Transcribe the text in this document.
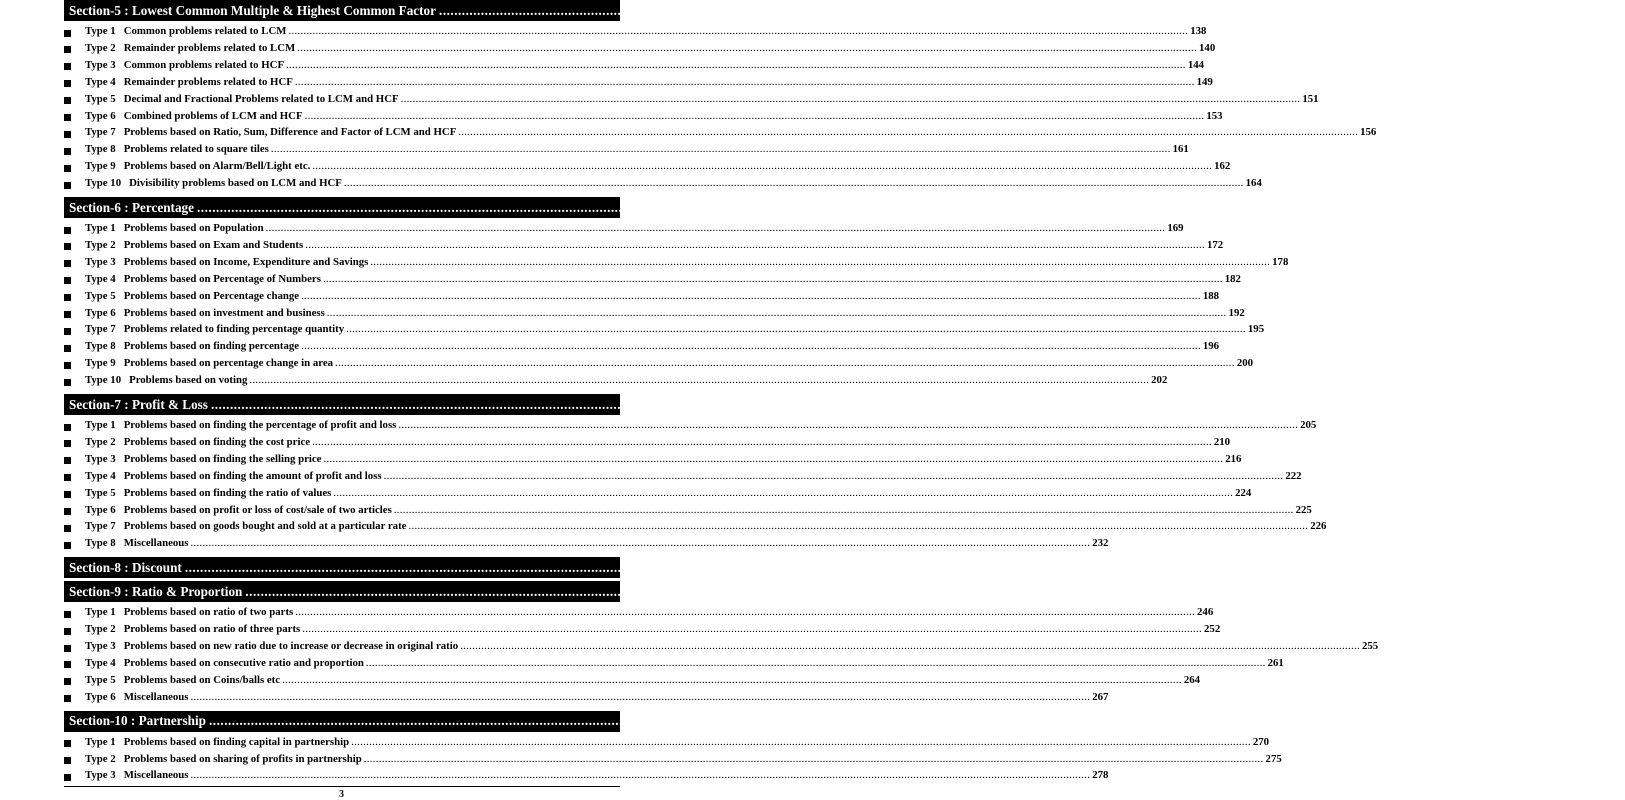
Section-5 : Lowest Common Multiple & Highest Common Factor ............................................................................................................................................................................................................................................................................................................ 138-168
Type 1 Common problems related to LCM ............................................................................................................................................................................................................................................................................................................ 138
Type 2 Remainder problems related to LCM ............................................................................................................................................................................................................................................................................................................ 140
Type 3 Common problems related to HCF ............................................................................................................................................................................................................................................................................................................ 144
Type 4 Remainder problems related to HCF ............................................................................................................................................................................................................................................................................................................ 149
Type 5 Decimal and Fractional Problems related to LCM and HCF ............................................................................................................................................................................................................................................................................................................ 151
Type 6 Combined problems of LCM and HCF ............................................................................................................................................................................................................................................................................................................ 153
Type 7 Problems based on Ratio, Sum, Difference and Factor of LCM and HCF ............................................................................................................................................................................................................................................................................................................ 156
Type 8 Problems related to square tiles ............................................................................................................................................................................................................................................................................................................ 161
Type 9 Problems based on Alarm/Bell/Light etc. ............................................................................................................................................................................................................................................................................................................ 162
Type 10 Divisibility problems based on LCM and HCF ............................................................................................................................................................................................................................................................................................................ 164
Section-6 : Percentage ............................................................................................................................................................................................................................................................................................................ 169-204
Type 1 Problems based on Population ............................................................................................................................................................................................................................................................................................................ 169
Type 2 Problems based on Exam and Students ............................................................................................................................................................................................................................................................................................................ 172
Type 3 Problems based on Income, Expenditure and Savings ............................................................................................................................................................................................................................................................................................................ 178
Type 4 Problems based on Percentage of Numbers ............................................................................................................................................................................................................................................................................................................ 182
Type 5 Problems based on Percentage change ............................................................................................................................................................................................................................................................................................................ 188
Type 6 Problems based on investment and business ............................................................................................................................................................................................................................................................................................................ 192
Type 7 Problems related to finding percentage quantity ............................................................................................................................................................................................................................................................................................................ 195
Type 8 Problems based on finding percentage ............................................................................................................................................................................................................................................................................................................ 196
Type 9 Problems based on percentage change in area ............................................................................................................................................................................................................................................................................................................ 200
Type 10 Problems based on voting ............................................................................................................................................................................................................................................................................................................ 202
Section-7 : Profit & Loss ............................................................................................................................................................................................................................................................................................................ 205-233
Type 1 Problems based on finding the percentage of profit and loss ............................................................................................................................................................................................................................................................................................................ 205
Type 2 Problems based on finding the cost price ............................................................................................................................................................................................................................................................................................................ 210
Type 3 Problems based on finding the selling price ............................................................................................................................................................................................................................................................................................................ 216
Type 4 Problems based on finding the amount of profit and loss ............................................................................................................................................................................................................................................................................................................ 222
Type 5 Problems based on finding the ratio of values ............................................................................................................................................................................................................................................................................................................ 224
Type 6 Problems based on profit or loss of cost/sale of two articles ............................................................................................................................................................................................................................................................................................................ 225
Type 7 Problems based on goods bought and sold at a particular rate ............................................................................................................................................................................................................................................................................................................ 226
Type 8 Miscellaneous ............................................................................................................................................................................................................................................................................................................ 232
Section-8 : Discount ............................................................................................................................................................................................................................................................................................................ 234-245
Section-9 : Ratio & Proportion ............................................................................................................................................................................................................................................................................................................ 246-269
Type 1 Problems based on ratio of two parts ............................................................................................................................................................................................................................................................................................................ 246
Type 2 Problems based on ratio of three parts ............................................................................................................................................................................................................................................................................................................ 252
Type 3 Problems based on new ratio due to increase or decrease in original ratio ............................................................................................................................................................................................................................................................................................................ 255
Type 4 Problems based on consecutive ratio and proportion ............................................................................................................................................................................................................................................................................................................ 261
Type 5 Problems based on Coins/balls etc ............................................................................................................................................................................................................................................................................................................ 264
Type 6 Miscellaneous ............................................................................................................................................................................................................................................................................................................ 267
Section-10 : Partnership ............................................................................................................................................................................................................................................................................................................ 270-279
Type 1 Problems based on finding capital in partnership ............................................................................................................................................................................................................................................................................................................ 270
Type 2 Problems based on sharing of profits in partnership ............................................................................................................................................................................................................................................................................................................ 275
Type 3 Miscellaneous ............................................................................................................................................................................................................................................................................................................ 278
3
